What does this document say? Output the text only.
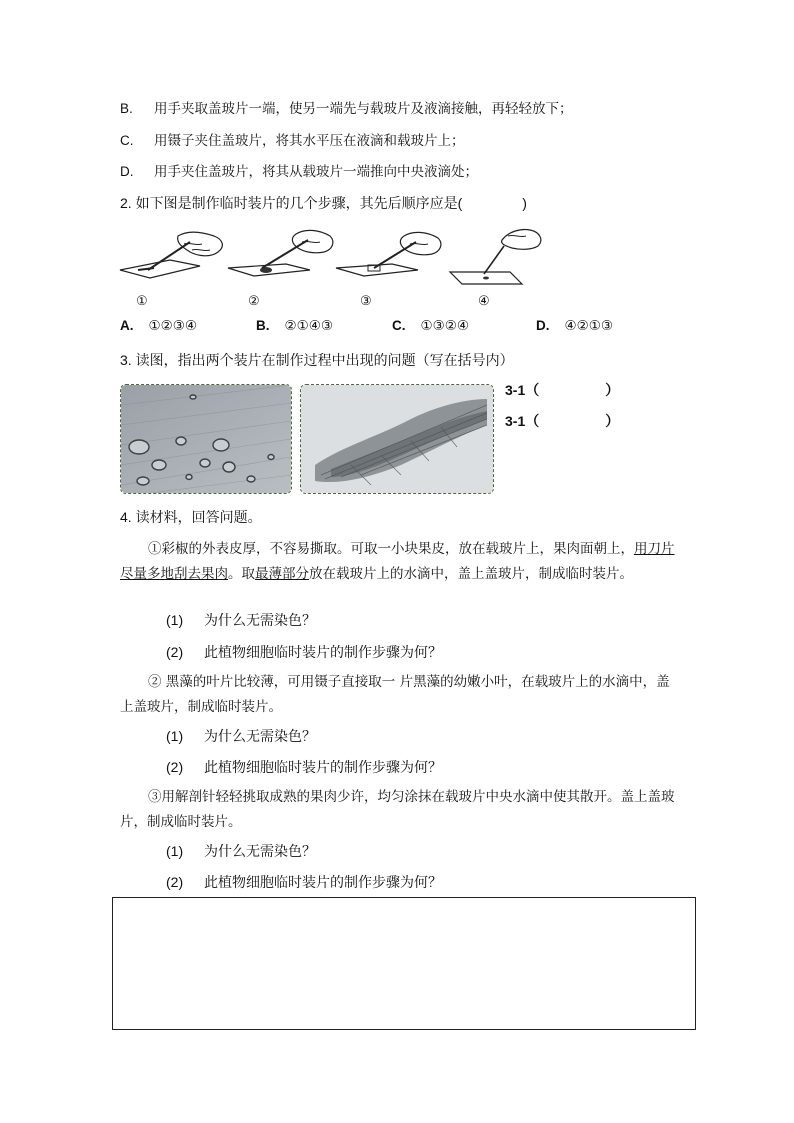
B. 用手夹取盖玻片一端，使另一端先与载玻片及液滴接触，再轻轻放下；
C. 用镊子夹住盖玻片，将其水平压在液滴和载玻片上；
D. 用手夹住盖玻片，将其从载玻片一端推向中央液滴处；
2. 如下图是制作临时装片的几个步骤，其先后顺序应是(	)
①	②	③	④
A. ①②③④	B. ②①④③	C. ①③②④	D. ④②①③
3. 读图，指出两个装片在制作过程中出现的问题（写在括号内）
3-1（	）
3-1（	）
4. 读材料，回答问题。
①彩椒的外表皮厚，不容易撕取。可取一小块果皮，放在载玻片上，果肉面朝上，用刀片尽量多地刮去果肉。取最薄部分放在载玻片上的水滴中，盖上盖玻片，制成临时装片。
(1) 为什么无需染色？
(2) 此植物细胞临时装片的制作步骤为何？
② 黑藻的叶片比较薄，可用镊子直接取一 片黑藻的幼嫩小叶，在载玻片上的水滴中，盖上盖玻片，制成临时装片。
(1) 为什么无需染色？
(2) 此植物细胞临时装片的制作步骤为何？
③用解剖针轻轻挑取成熟的果肉少许，均匀涂抹在载玻片中央水滴中使其散开。盖上盖玻片，制成临时装片。
(1) 为什么无需染色？
(2) 此植物细胞临时装片的制作步骤为何？
